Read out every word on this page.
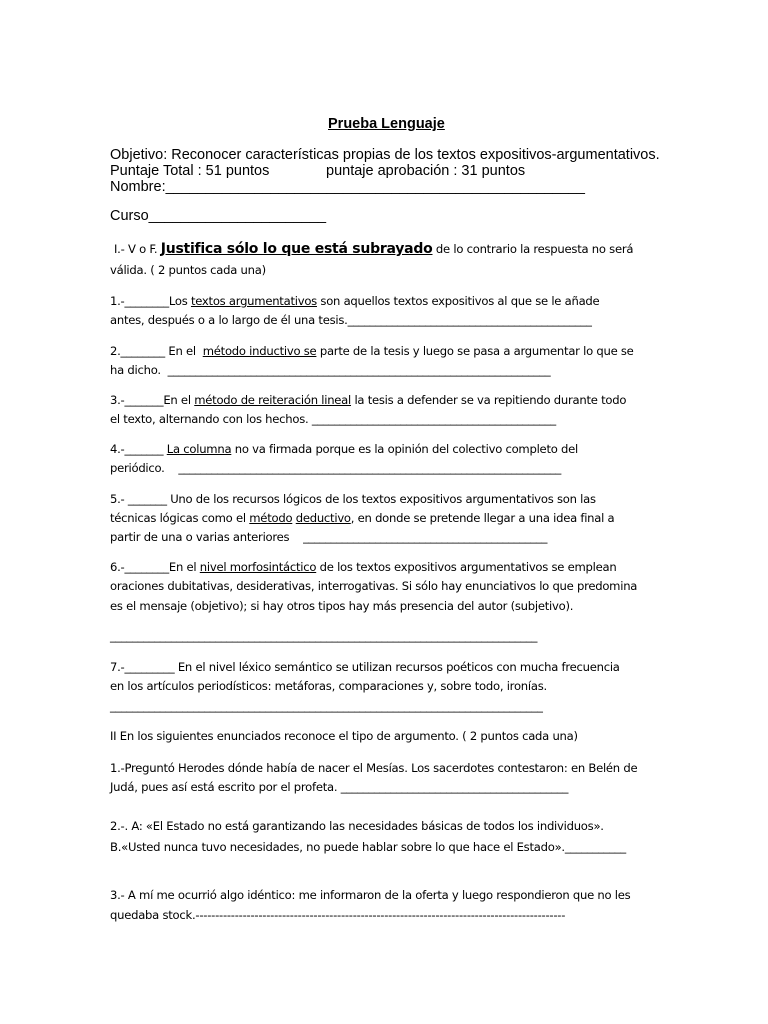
Prueba Lenguaje
Objetivo: Reconocer características propias de los textos expositivos-argumentativos.
Puntaje Total : 51 puntos	puntaje aprobación : 31 puntos
Nombre:____________________________________________________
Curso______________________
I.- V o F. Justifica sólo lo que está subrayado de lo contrario la respuesta no será
válida. ( 2 puntos cada una)
1.-________Los textos argumentativos son aquellos textos expositivos al que se le añade
antes, después o a lo largo de él una tesis.____________________________________________
2.________ En el  método inductivo se parte de la tesis y luego se pasa a argumentar lo que se
ha dicho.  _____________________________________________________________________
3.-_______En el método de reiteración lineal la tesis a defender se va repitiendo durante todo
el texto, alternando con los hechos. ____________________________________________
4.-_______ La columna no va firmada porque es la opinión del colectivo completo del
periódico.    _____________________________________________________________________
5.- _______ Uno de los recursos lógicos de los textos expositivos argumentativos son las
técnicas lógicas como el método deductivo, en donde se pretende llegar a una idea final a
partir de una o varias anteriores    ____________________________________________
6.-________En el nivel morfosintáctico de los textos expositivos argumentativos se emplean
oraciones dubitativas, desiderativas, interrogativas. Si sólo hay enunciativos lo que predomina
es el mensaje (objetivo); si hay otros tipos hay más presencia del autor (subjetivo).
_____________________________________________________________________________
7.-_________ En el nivel léxico semántico se utilizan recursos poéticos con mucha frecuencia
en los artículos periodísticos: metáforas, comparaciones y, sobre todo, ironías.
______________________________________________________________________________
II En los siguientes enunciados reconoce el tipo de argumento. ( 2 puntos cada una)
1.-Preguntó Herodes dónde había de nacer el Mesías. Los sacerdotes contestaron: en Belén de
Judá, pues así está escrito por el profeta. _________________________________________
2.-. A: «El Estado no está garantizando las necesidades básicas de todos los individuos».
B.«Usted nunca tuvo necesidades, no puede hablar sobre lo que hace el Estado».___________
3.- A mí me ocurrió algo idéntico: me informaron de la oferta y luego respondieron que no les
quedaba stock.----------------------------------------------------------------------------------------------
